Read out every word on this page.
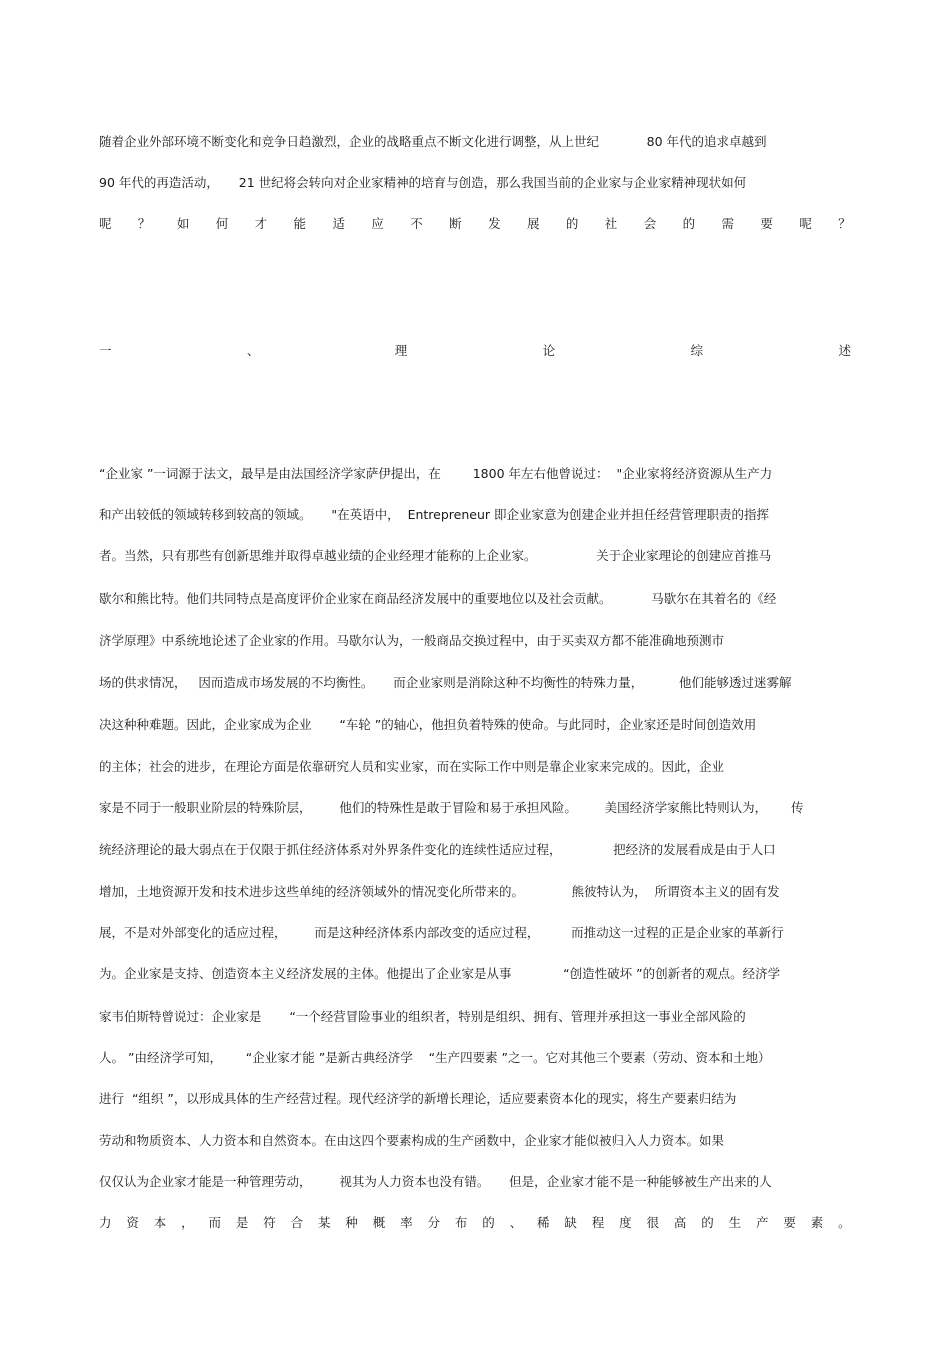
随着企业外部环境不断变化和竞争日趋激烈，企业的战略重点不断文化进行调整，从上世纪            80 年代的追求卓越到
90 年代的再造活动，     21 世纪将会转向对企业家精神的培育与创造，那么我国当前的企业家与企业家精神现状如何
呢 ？ 如 何 才 能 适 应 不 断 发 展 的 社 会 的 需 要 呢 ？
一	、	理	论	综	述
“企业家 ”一词源于法文，最早是由法国经济学家萨伊提出，在        1800 年左右他曾说过：  "企业家将经济资源从生产力
和产出较低的领域转移到较高的领域。     "在英语中，  Entrepreneur 即企业家意为创建企业并担任经营管理职责的指挥
者。当然，只有那些有创新思维并取得卓越业绩的企业经理才能称的上企业家。               关于企业家理论的创建应首推马
歇尔和熊比特。他们共同特点是高度评价企业家在商品经济发展中的重要地位以及社会贡献。          马歇尔在其着名的《经
济学原理》中系统地论述了企业家的作用。马歇尔认为，一般商品交换过程中，由于买卖双方都不能准确地预测市
场的供求情况，   因而造成市场发展的不均衡性。     而企业家则是消除这种不均衡性的特殊力量，         他们能够透过迷雾解
决这种种难题。因此，企业家成为企业       “车轮 ”的轴心，他担负着特殊的使命。与此同时，企业家还是时间创造效用
的主体；社会的进步，在理论方面是依靠研究人员和实业家，而在实际工作中则是靠企业家来完成的。因此，企业
家是不同于一般职业阶层的特殊阶层，       他们的特殊性是敢于冒险和易于承担风险。       美国经济学家熊比特则认为，      传
统经济理论的最大弱点在于仅限于抓住经济体系对外界条件变化的连续性适应过程，             把经济的发展看成是由于人口
增加，土地资源开发和技术进步这些单纯的经济领域外的情况变化所带来的。            熊彼特认为，  所谓资本主义的固有发
展，不是对外部变化的适应过程，       而是这种经济体系内部改变的适应过程，        而推动这一过程的正是企业家的革新行
为。企业家是支持、创造资本主义经济发展的主体。他提出了企业家是从事             “创造性破坏 ”的创新者的观点。经济学
家韦伯斯特曾说过：企业家是       “一个经营冒险事业的组织者，特别是组织、拥有、管理并承担这一事业全部风险的
人。 ”由经济学可知，      “企业家才能 ”是新古典经济学    “生产四要素 ”之一。它对其他三个要素（劳动、资本和土地）
进行  “组织 ”，以形成具体的生产经营过程。现代经济学的新增长理论，适应要素资本化的现实，将生产要素归结为
劳动和物质资本、人力资本和自然资本。在由这四个要素构成的生产函数中，企业家才能似被归入人力资本。如果
仅仅认为企业家才能是一种管理劳动，       视其为人力资本也没有错。     但是，企业家才能不是一种能够被生产出来的人
力 资 本 ， 而 是 符 合 某 种 概 率 分 布 的 、 稀 缺 程 度 很 高 的 生 产 要 素 。
